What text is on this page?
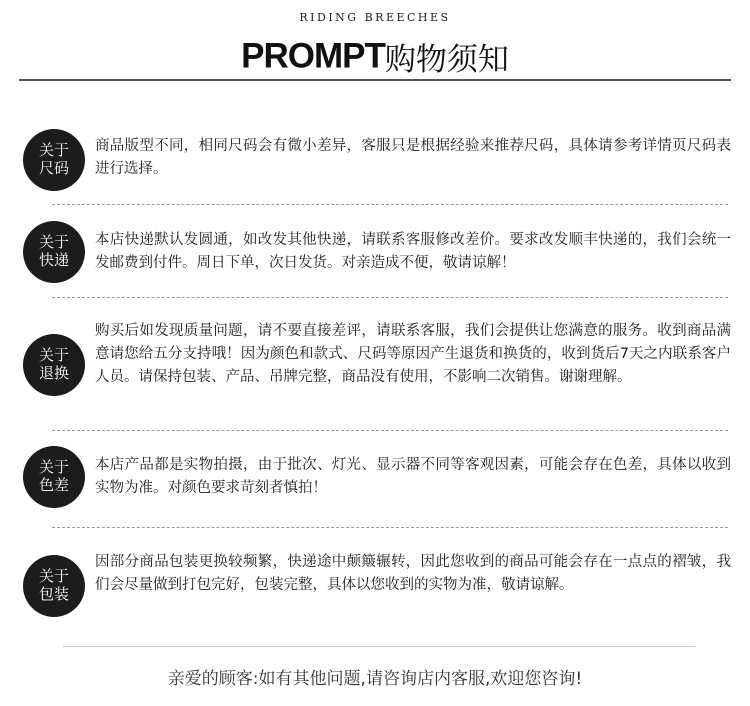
RIDING BREECHES
PROMPT购物须知
关于
尺码
商品版型不同，相同尺码会有微小差异，客服只是根据经验来推荐尺码，具体请参考详情页尺码表进行选择。
关于
快递
本店快递默认发圆通，如改发其他快递，请联系客服修改差价。要求改发顺丰快递的，我们会统一发邮费到付件。周日下单，次日发货。对亲造成不便，敬请谅解！
关于
退换
购买后如发现质量问题，请不要直接差评，请联系客服，我们会提供让您满意的服务。收到商品满意请您给五分支持哦！因为颜色和款式、尺码等原因产生退货和换货的，收到货后7天之内联系客户人员。请保持包装、产品、吊牌完整，商品没有使用，不影响二次销售。谢谢理解。
关于
色差
本店产品都是实物拍摄，由于批次、灯光、显示器不同等客观因素，可能会存在色差，具体以收到实物为准。对颜色要求苛刻者慎拍！
关于
包装
因部分商品包装更换较频繁，快递途中颠簸辗转，因此您收到的商品可能会存在一点点的褶皱，我们会尽量做到打包完好，包装完整，具体以您收到的实物为准，敬请谅解。
亲爱的顾客:如有其他问题,请咨询店内客服,欢迎您咨询!
